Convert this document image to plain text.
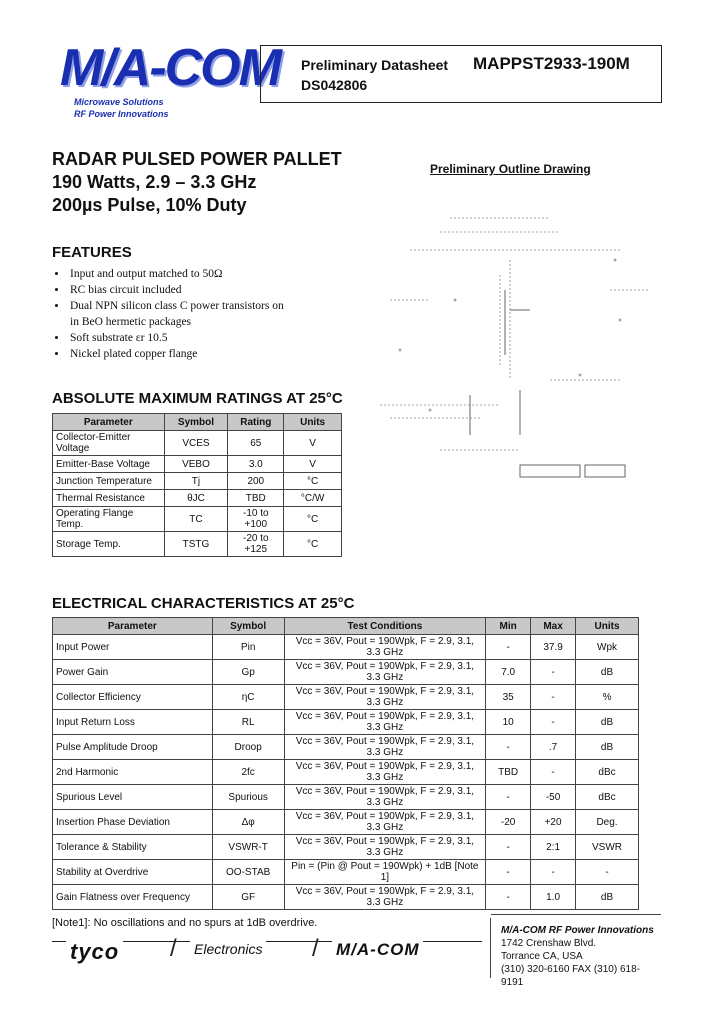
M/A-COM
Microwave Solutions
RF Power Innovations
Preliminary Datasheet MAPPST2933-190M
DS042806
RADAR PULSED POWER PALLET
190 Watts, 2.9 – 3.3 GHz
200µs Pulse, 10% Duty
FEATURES
• Input and output matched to 50Ω
• RC bias circuit included
• Dual NPN silicon class C power transistors on in BeO hermetic packages
• Soft substrate εr 10.5
• Nickel plated copper flange
Preliminary Outline Drawing
ABSOLUTE MAXIMUM RATINGS AT 25°C
Parameter	Symbol	Rating	Units
Collector-Emitter Voltage	VCES	65	V
Emitter-Base Voltage	VEBO	3.0	V
Junction Temperature	Tj	200	°C
Thermal Resistance	θJC	TBD	°C/W
Operating Flange Temp.	TC	-10 to +100	°C
Storage Temp.	TSTG	-20 to +125	°C
ELECTRICAL CHARACTERISTICS AT 25°C
Parameter	Symbol	Test Conditions	Min	Max	Units
Input Power	Pin	Vcc = 36V, Pout = 190Wpk, F = 2.9, 3.1, 3.3 GHz	-	37.9	Wpk
Power Gain	Gp	Vcc = 36V, Pout = 190Wpk, F = 2.9, 3.1, 3.3 GHz	7.0	-	dB
Collector Efficiency	ηC	Vcc = 36V, Pout = 190Wpk, F = 2.9, 3.1, 3.3 GHz	35	-	%
Input Return Loss	RL	Vcc = 36V, Pout = 190Wpk, F = 2.9, 3.1, 3.3 GHz	10	-	dB
Pulse Amplitude Droop	Droop	Vcc = 36V, Pout = 190Wpk, F = 2.9, 3.1, 3.3 GHz	-	.7	dB
2nd Harmonic	2fc	Vcc = 36V, Pout = 190Wpk, F = 2.9, 3.1, 3.3 GHz	TBD	-	dBc
Spurious Level	Spurious	Vcc = 36V, Pout = 190Wpk, F = 2.9, 3.1, 3.3 GHz	-	-50	dBc
Insertion Phase Deviation	Δφ	Vcc = 36V, Pout = 190Wpk, F = 2.9, 3.1, 3.3 GHz	-20	+20	Deg.
Tolerance & Stability	VSWR-T	Vcc = 36V, Pout = 190Wpk, F = 2.9, 3.1, 3.3 GHz	-	2:1	VSWR
Stability at Overdrive	OO-STAB	Pin = (Pin @ Pout = 190Wpk) + 1dB [Note 1]	-	-	-
Gain Flatness over Frequency	GF	Vcc = 36V, Pout = 190Wpk, F = 2.9, 3.1, 3.3 GHz	-	1.0	dB
[Note1]: No oscillations and no spurs at 1dB overdrive.
tyco / Electronics / M/A-COM
M/A-COM RF Power Innovations
1742 Crenshaw Blvd.
Torrance CA, USA
(310) 320-6160 FAX (310) 618-9191
